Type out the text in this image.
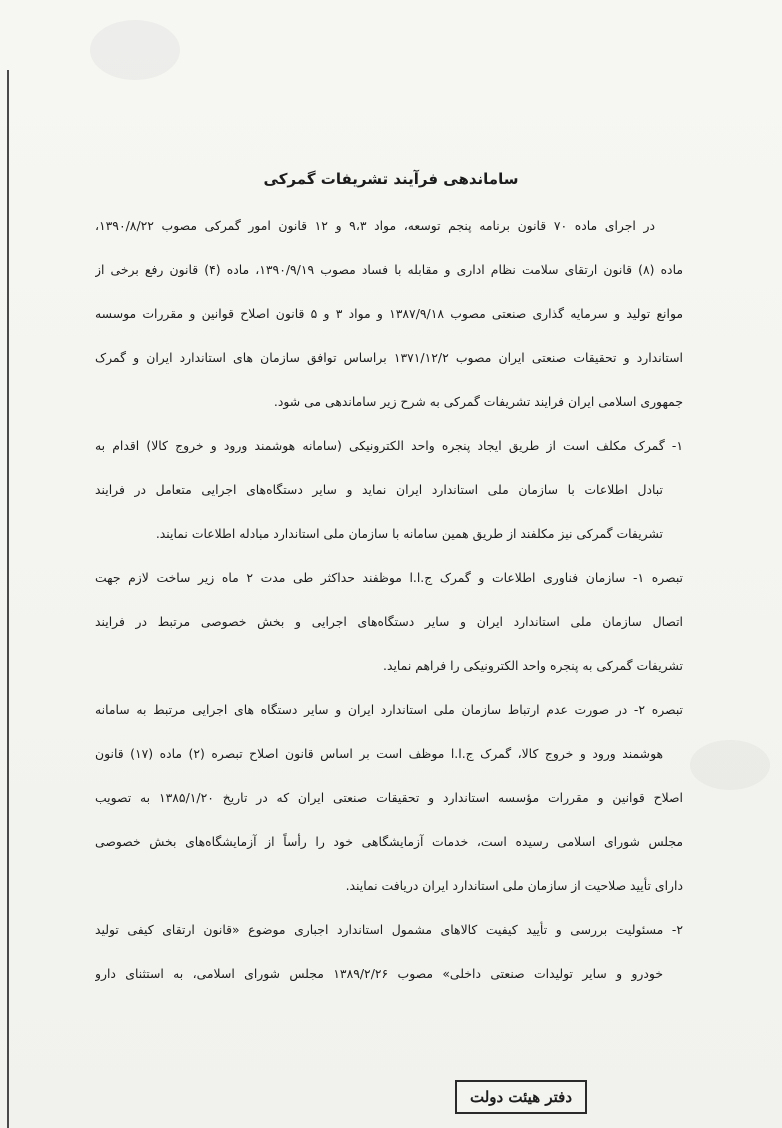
ساماندهی فرآیند تشریفات گمرکی
در اجرای ماده ۷۰ قانون برنامه پنجم توسعه، مواد ۹،۳ و ۱۲ قانون امور گمرکی مصوب ۱۳۹۰/۸/۲۲،
ماده (۸) قانون ارتقای سلامت نظام اداری و مقابله با فساد مصوب ۱۳۹۰/۹/۱۹، ماده (۴) قانون رفع برخی از
موانع تولید و سرمایه گذاری صنعتی مصوب ۱۳۸۷/۹/۱۸ و مواد ۳ و ۵ قانون اصلاح قوانین و مقررات موسسه
استاندارد و تحقیقات صنعتی ایران مصوب ۱۳۷۱/۱۲/۲ براساس توافق سازمان های استاندارد ایران و گمرک
جمهوری اسلامی ایران فرایند تشریفات گمرکی به شرح زیر ساماندهی می شود.
۱- گمرک مکلف است از طریق ایجاد پنجره واحد الکترونیکی (سامانه هوشمند ورود و خروج کالا) اقدام به
تبادل اطلاعات با سازمان ملی استاندارد ایران نماید و سایر دستگاه‌های اجرایی متعامل در فرایند
تشریفات گمرکی نیز مکلفند از طریق همین سامانه با سازمان ملی استاندارد مبادله اطلاعات نمایند.
تبصره ۱- سازمان فناوری اطلاعات و گمرک ج.ا.ا موظفند حداکثر طی مدت ۲ ماه زیر ساخت لازم جهت
اتصال سازمان ملی استاندارد ایران و سایر دستگاه‌های اجرایی و بخش خصوصی مرتبط در فرایند
تشریفات گمرکی به پنجره واحد الکترونیکی را فراهم نماید.
تبصره ۲- در صورت عدم ارتباط سازمان ملی استاندارد ایران و سایر دستگاه های اجرایی مرتبط به سامانه
هوشمند ورود و خروج کالا، گمرک ج.ا.ا موظف است بر اساس قانون اصلاح تبصره (۲) ماده (۱۷) قانون
اصلاح قوانین و مقررات مؤسسه استاندارد و تحقیقات صنعتی ایران که در تاریخ ۱۳۸۵/۱/۲۰ به تصویب
مجلس شورای اسلامی رسیده است، خدمات آزمایشگاهی خود را رأساً از آزمایشگاه‌های بخش خصوصی
دارای تأیید صلاحیت از سازمان ملی استاندارد ایران دریافت نمایند.
۲- مسئولیت بررسی و تأیید کیفیت کالاهای مشمول استاندارد اجباری موضوع «قانون ارتقای کیفی تولید
خودرو و سایر تولیدات صنعتی داخلی» مصوب ۱۳۸۹/۲/۲۶ مجلس شورای اسلامی، به استثنای دارو
دفتر هیئت دولت
